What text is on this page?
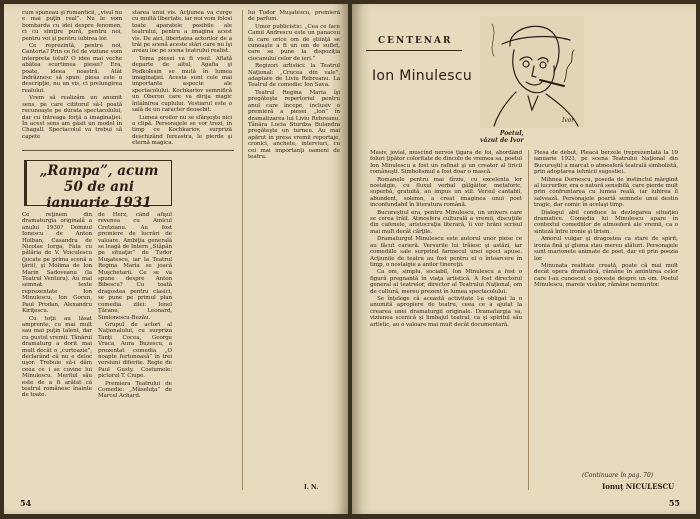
cum spuneau şi romanticii, „visul nu e mai puţin real”. Nu le vom bombarda cu idei despre fenomen, ci cu simţire pură, pentru noi, pentru voi şi pentru iubirea lor.

Ce reprezintă, pentru noi, Cantoria? Prin ce fel de viziune vom interpreta totul? O idee mai veche abătea scurtimea piesei? Era, poate, ideea noastră. Atât îndrăznesc să spun: piesa este o descripţie, nu un vis, ci prelungirea realului.

Vrem să realizăm un anumit sens, pe care cititorul să-l poată recunoaşte pe durata spectacolului, dar cu întreaga forţă a imaginaţiei. În acest sens am găsit un model în Chagall. Spectacolul va trebui să capete

starea unui vis. Acţiunea va curge cu multă libertate, iar noi vom folosi toate aparatele posibile ale teatrului, pentru a imagina acest vis. De aici, libertatea actorilor de a trăi pe scenă aceste stări care nu îşi aveau loc pe scena teatrului realist.

Tema piesei va fi visul. Aflată departe de altul, Agafia şi Podkolesin se mută în lumea imaginaţiei. Acesta sunt cele mai importante aspecte ale spectacolului. Kochkariov semnifică un Oberon care va dirija magic întâlnirea cuplului. Vestiarul este o sală de un caracter deosebit.

Lumea eroilor nu se sfârşeşte nici o clipă. Personajele se vor trezi, în timp ce Kochkariov, surpriză deschizând fereastra, le pierde şi eternă magica.

„Rampa”, acum 50 de ani ianuarie 1931

Ce reţinem din dramaturgia originală a anului 1930? Domnul Ionescu de Anton Holban, Casandra de Nicolae Iorga, Fata cu pălăria de V. Voiculescu (jucate pe prima scenă a ţării), şi Molima de Ion Marin Sadoveanu (la Teatrul Ventura). Au mai semnat texte reprezentate Ion Minulescu, Ion Gorun, Paul Prodan, Alexandru Kiriţescu.

Cu toţii au lăsat amprente, cu mai mult sau mai puţin talent, dar cu gustul vremii. Tânărul dramaturg a dorit mai mult decât o „curtoazie”, declarând că nu e deloc uşor. Trebuie să-i dăm ceea ce i se cuvine lui Minulescu. Meritul său este de a fi arătat că teatrul românesc înainte de toate.

de Herz, când afişul revenea cu Amicul Cretzianu. Au fost premiere de lucrări de valoare. Ambiţia generală se leagă de Intern „Stăpân pe situaţie” de Tudor Muşatescu, iar la Teatrul Regina Maria se joacă Muşchetarii. Ce se va spune despre Anton Bibescu? Cu toată dragostea pentru clasici, se pune pe primul plan comedia zilei: Ionel Ţăranu, Leonard, Simionescu-Buzău.

Grupul de actori al Naţionalului, cu surpriza Tanţi Cocea, George Vraca, Aura Buzescu, a prezentat comedia „O noapte furtunoasă” în trei versiuni diferite. Regie de Paul Gusty. Costumele: pictorul T. Ciupe.

Premiera Teatrului de Comedie: „Măseluţa” de Marcel Achard.

lui Tudor Muşatescu, premieră de parfum.

Umor publicistic: „Cea ce face Camil Andrescu este un panaceu în care orice om de ştiinţă se cunoaşte a fi un om de suflet, care se pune la dispoziţia ciocanului celor de ieri.”

Regizori artistici: la Teatrul Naţional: „Crucea din vale”, adaptare de Liviu Rebreanu. La Teatrul de comedie: Ion Sava.

Teatrul Regina Maria îşi pregăteşte repertoriul pentru anul care începe, inclusiv o premieră a piesei „Ion” în dramatizarea lui Liviu Rebreanu. Tânăra Lucia Sturdza Bulandra pregăteşte un turneu. Au mai apărut în presa vremii reportaje, cronici, anchete, interviuri, cu cei mai importanţi oameni de teatru.

I. N.
54
CENTENAR
Ion Minulescu
Ivor
Poetul,
văzut de Ivor

Masiv, jovial, muscind nervos ţigara de foi, abordând foluri ţipător coloritate de dincolo de vremea sa, poetul Ion Minulescu a fost un rafinat şi un creator al liricii româneşti. Simbolismul a fost doar o mască.

Romanele pentru mai tîrziu, cu excelenta lor nostalgie, cu fluxul verbal gâlgâitor, metaforic, superbă, gratuită, au impus un stil. Versul cantabil, abundent, solemn, a creat imaginea unui poet inconfundabil în literatura română.

Bucureştiul era, pentru Minulescu, un univers care se cerea trăit. Atmosfera culturală a vremii, discuţiile din cafenele, aristocraţia literară, îi vor hrăni scrisul mai mult decât cărţile.

Dramaturgul Minulescu este autorul unor piese ce au făcut carieră. Versurile lui trăiesc şi astăzi, iar comediile sale surprind farmecul unei epoci apuse. Acţiunile de teatru au fost pentru el o întoarcere în timp, o nostalgie a anilor tinereţii.

Ca om, simplu, sociabil, Ion Minulescu a fost o figură pregnantă în viaţa artistică. A fost directorul general al teatrelor, director al Teatrului Naţional, om de cultură, mereu prezent în lumea spectacolului.

Se înţelege că această activitate l-a obligat la o anumită apropiere de teatru, ceea ce a ajutat la crearea unei dramaturgii originale. Dramaturgia sa, viziunea scenică şi limbajul teatral, ca şi spiritul său artistic, au o valoare mai mult decât documentară.

Piesa de debut, Pleacă berzele (reprezentată la 19 ianuarie 1921, pe scena Teatrului Naţional din Bucureşti) a marcat o atmosferă teatrală simbolistă, prin adoptarea tehnicii sugestiei.

Mihnea Dornescu, poseda de instinctul mărginit al lucrurilor, era o natură sensibilă, care pierde mult prin confruntarea cu lumea reală, iar iubirea îl salvează. Personajele poartă semnele unui destin tragic, dar comic în acelaşi timp.

Dialogul abil conduce la dezlegarea situaţiei dramatice. Comedia lui Minulescu apare în contextul comediilor de atmosferă ale vremii, ca o sinteză între ironie şi lirism.

Amorul vulgar şi dragostea ca stare de spirit, ironia fină şi gluma stau mereu alături. Personajele sunt marionete animate de poet, dar vii prin poezia lor.

Minunata realitate creată, poate că mai mult decât opera dramatică, rămâne în amintirea celor care l-au cunoscut o poveste despre un om. Poetul Minulescu, marele visător, rămâne nemuritor.

(Continuare în pag. 70)
Ionuţ NICULESCU
55
